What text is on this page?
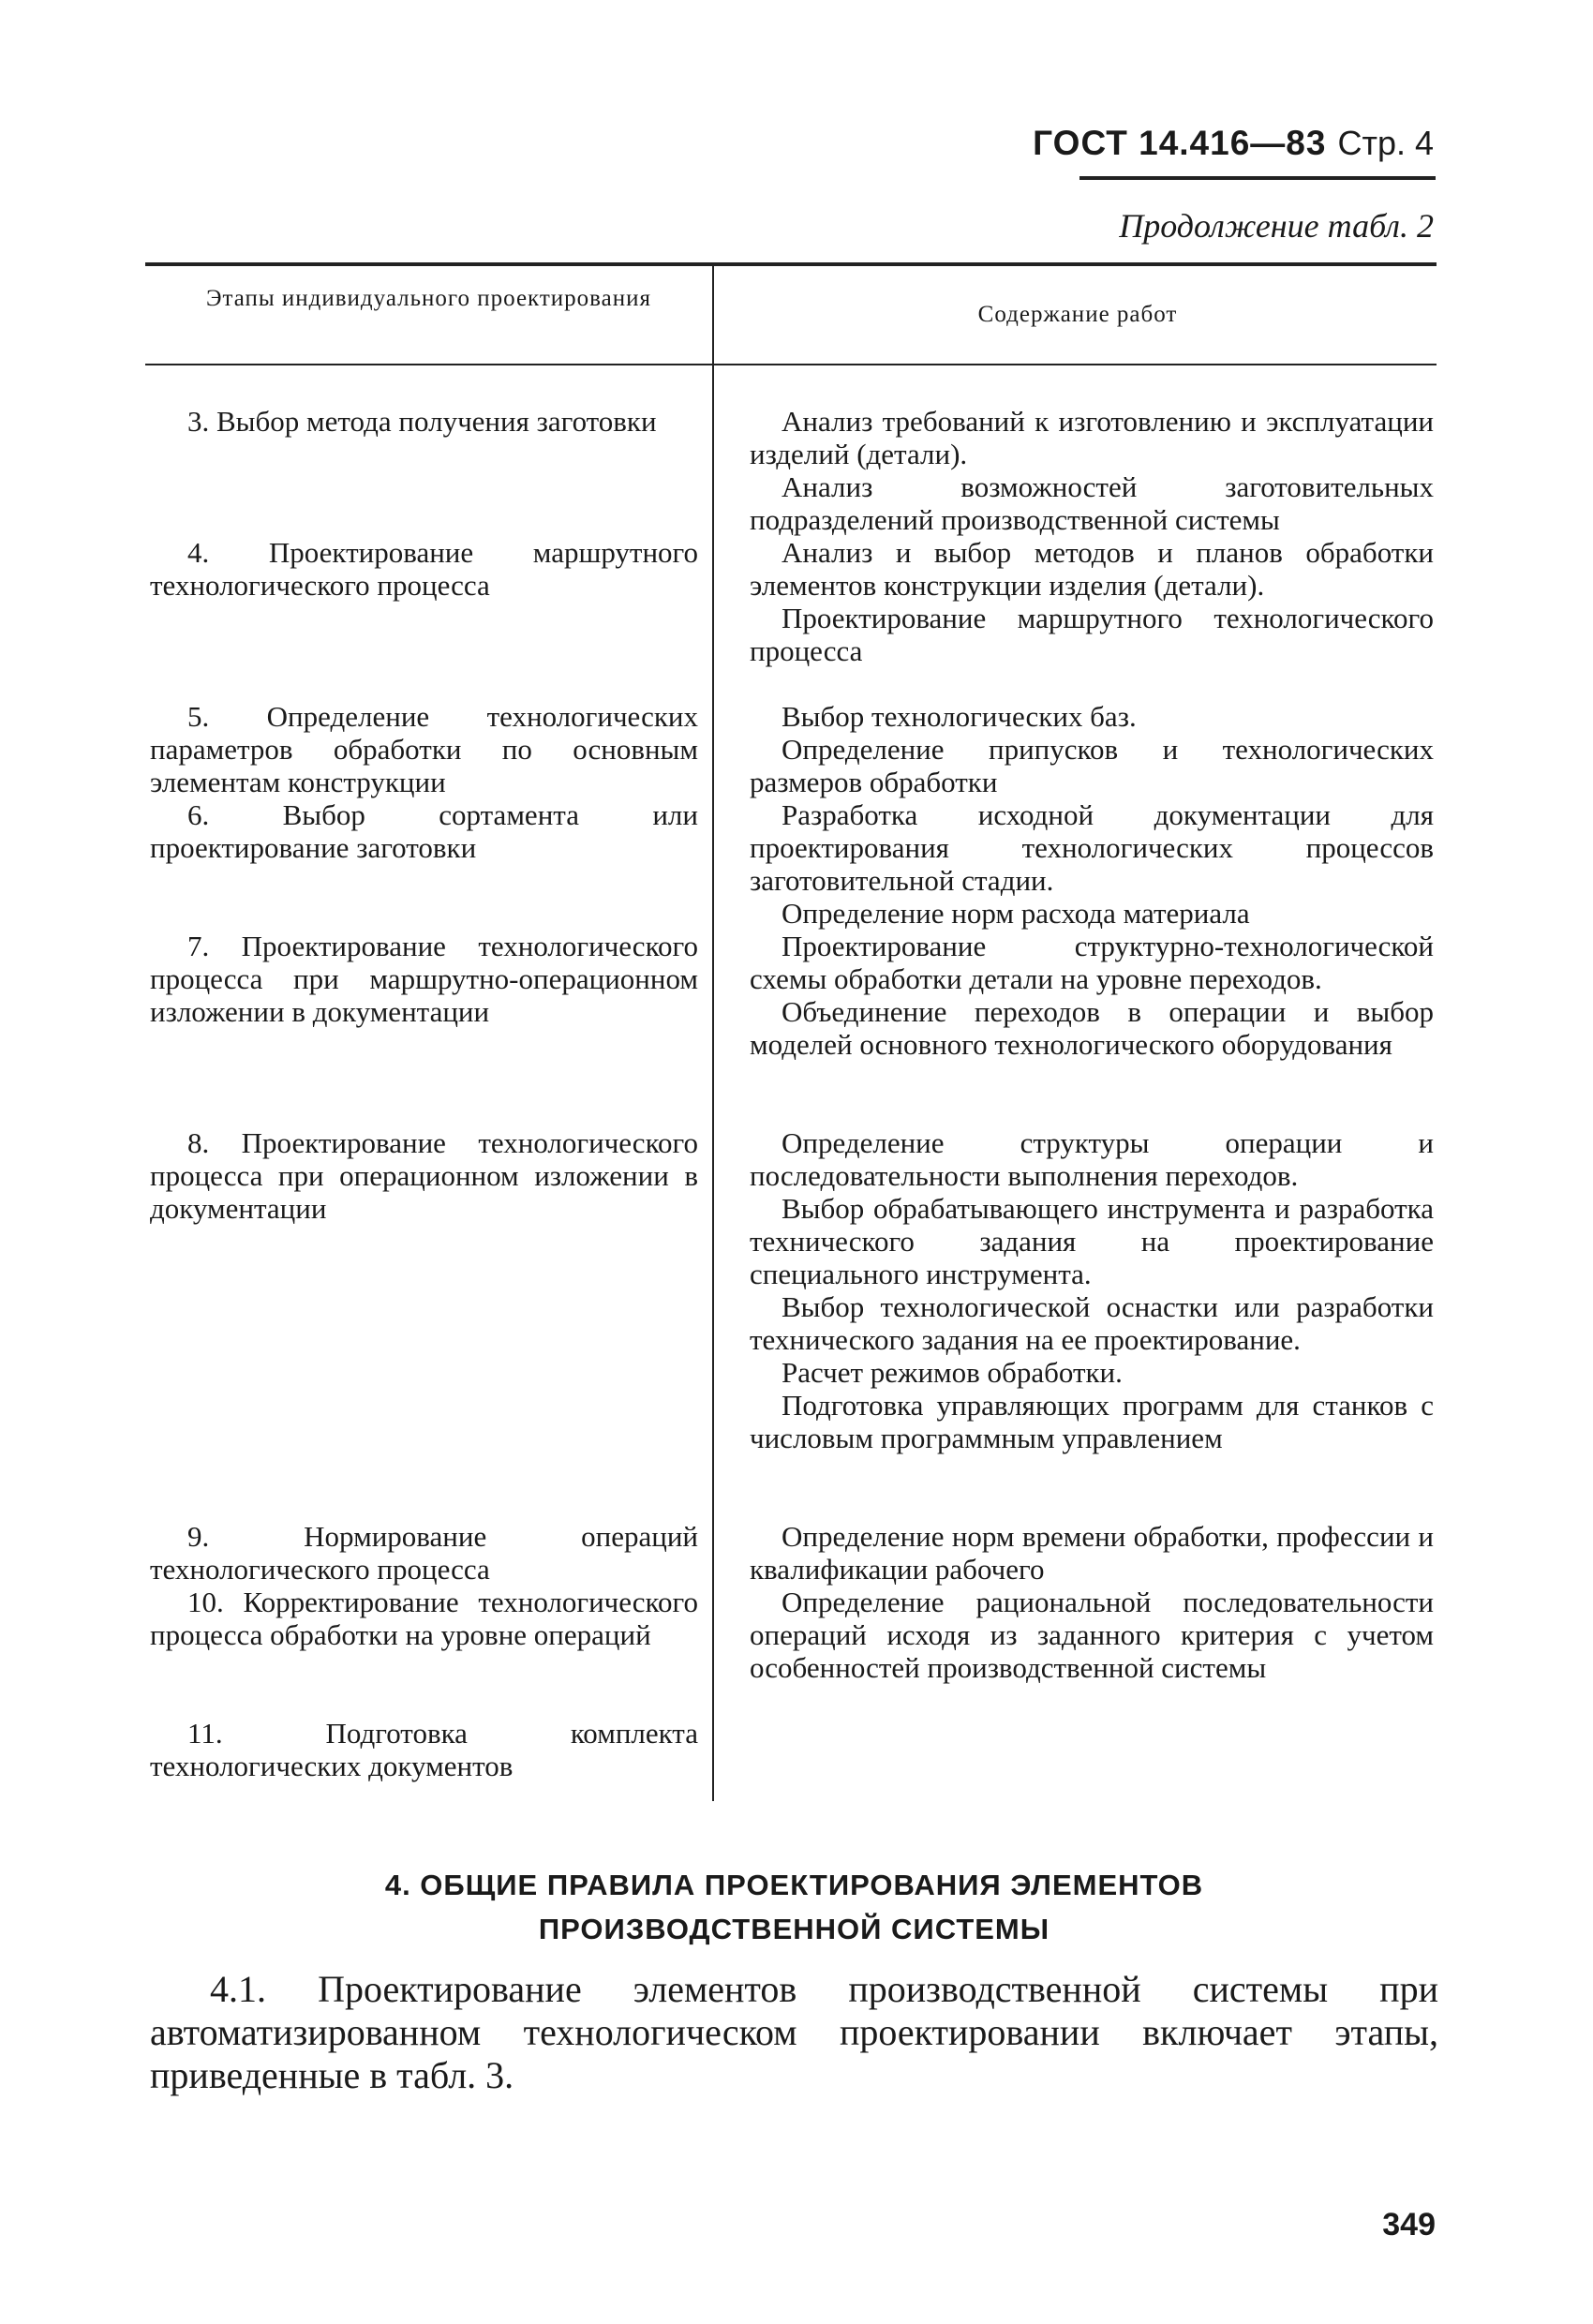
ГОСТ 14.416—83 Стр. 4
Продолжение табл. 2
Этапы индивидуального проектирования
Содержание работ
3. Выбор метода получения заготовки	Анализ требований к изготовлению и эксплуатации изделий (детали).
Анализ возможностей заготовительных подразделений производственной системы
4. Проектирование маршрутного технологического процесса
Анализ и выбор методов и планов обработки элементов конструкции изделия (детали).
Проектирование маршрутного технологического процесса
5. Определение технологических параметров обработки по основным элементам конструкции
Выбор технологических баз.
Определение припусков и технологических размеров обработки
6. Выбор сортамента или проектирование заготовки
Разработка исходной документации для проектирования технологических процессов заготовительной стадии.
Определение норм расхода материала
7. Проектирование технологического процесса при маршрутно-операционном изложении в документации
Проектирование структурно-технологической схемы обработки детали на уровне переходов.
Объединение переходов в операции и выбор моделей основного технологического оборудования
8. Проектирование технологического процесса при операционном изложении в документации
Определение структуры операции и последовательности выполнения переходов.
Выбор обрабатывающего инструмента и разработка технического задания на проектирование специального инструмента.
Выбор технологической оснастки или разработки технического задания на ее проектирование.
Расчет режимов обработки.
Подготовка управляющих программ для станков с числовым программным управлением
9. Нормирование операций технологического процесса
Определение норм времени обработки, профессии и квалификации рабочего
10. Корректирование технологического процесса обработки на уровне операций
Определение рациональной последовательности операций исходя из заданного критерия с учетом особенностей производственной системы
11. Подготовка комплекта технологических документов
4. ОБЩИЕ ПРАВИЛА ПРОЕКТИРОВАНИЯ ЭЛЕМЕНТОВ
ПРОИЗВОДСТВЕННОЙ СИСТЕМЫ
4.1. Проектирование элементов производственной системы при автоматизированном технологическом проектировании включает этапы, приведенные в табл. 3.
349
